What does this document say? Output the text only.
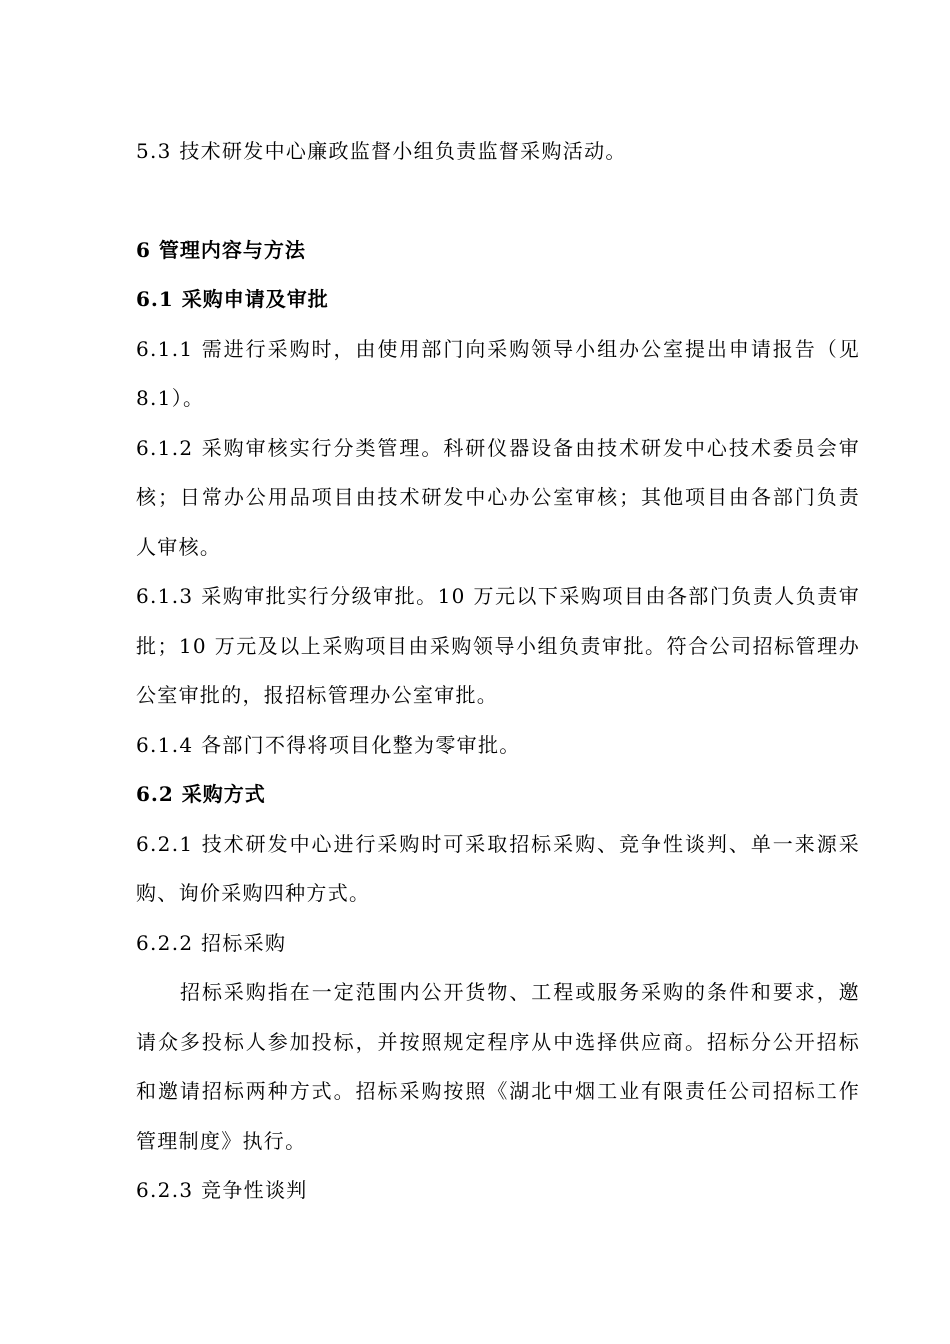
5.3 技术研发中心廉政监督小组负责监督采购活动。

6 管理内容与方法

6.1 采购申请及审批

6.1.1 需进行采购时，由使用部门向采购领导小组办公室提出申请报告（见8.1）。

6.1.2 采购审核实行分类管理。科研仪器设备由技术研发中心技术委员会审核；日常办公用品项目由技术研发中心办公室审核；其他项目由各部门负责人审核。

6.1.3 采购审批实行分级审批。10 万元以下采购项目由各部门负责人负责审批；10 万元及以上采购项目由采购领导小组负责审批。符合公司招标管理办公室审批的，报招标管理办公室审批。

6.1.4 各部门不得将项目化整为零审批。

6.2 采购方式

6.2.1 技术研发中心进行采购时可采取招标采购、竞争性谈判、单一来源采购、询价采购四种方式。

6.2.2 招标采购

招标采购指在一定范围内公开货物、工程或服务采购的条件和要求，邀请众多投标人参加投标，并按照规定程序从中选择供应商。招标分公开招标和邀请招标两种方式。招标采购按照《湖北中烟工业有限责任公司招标工作管理制度》执行。

6.2.3 竞争性谈判
